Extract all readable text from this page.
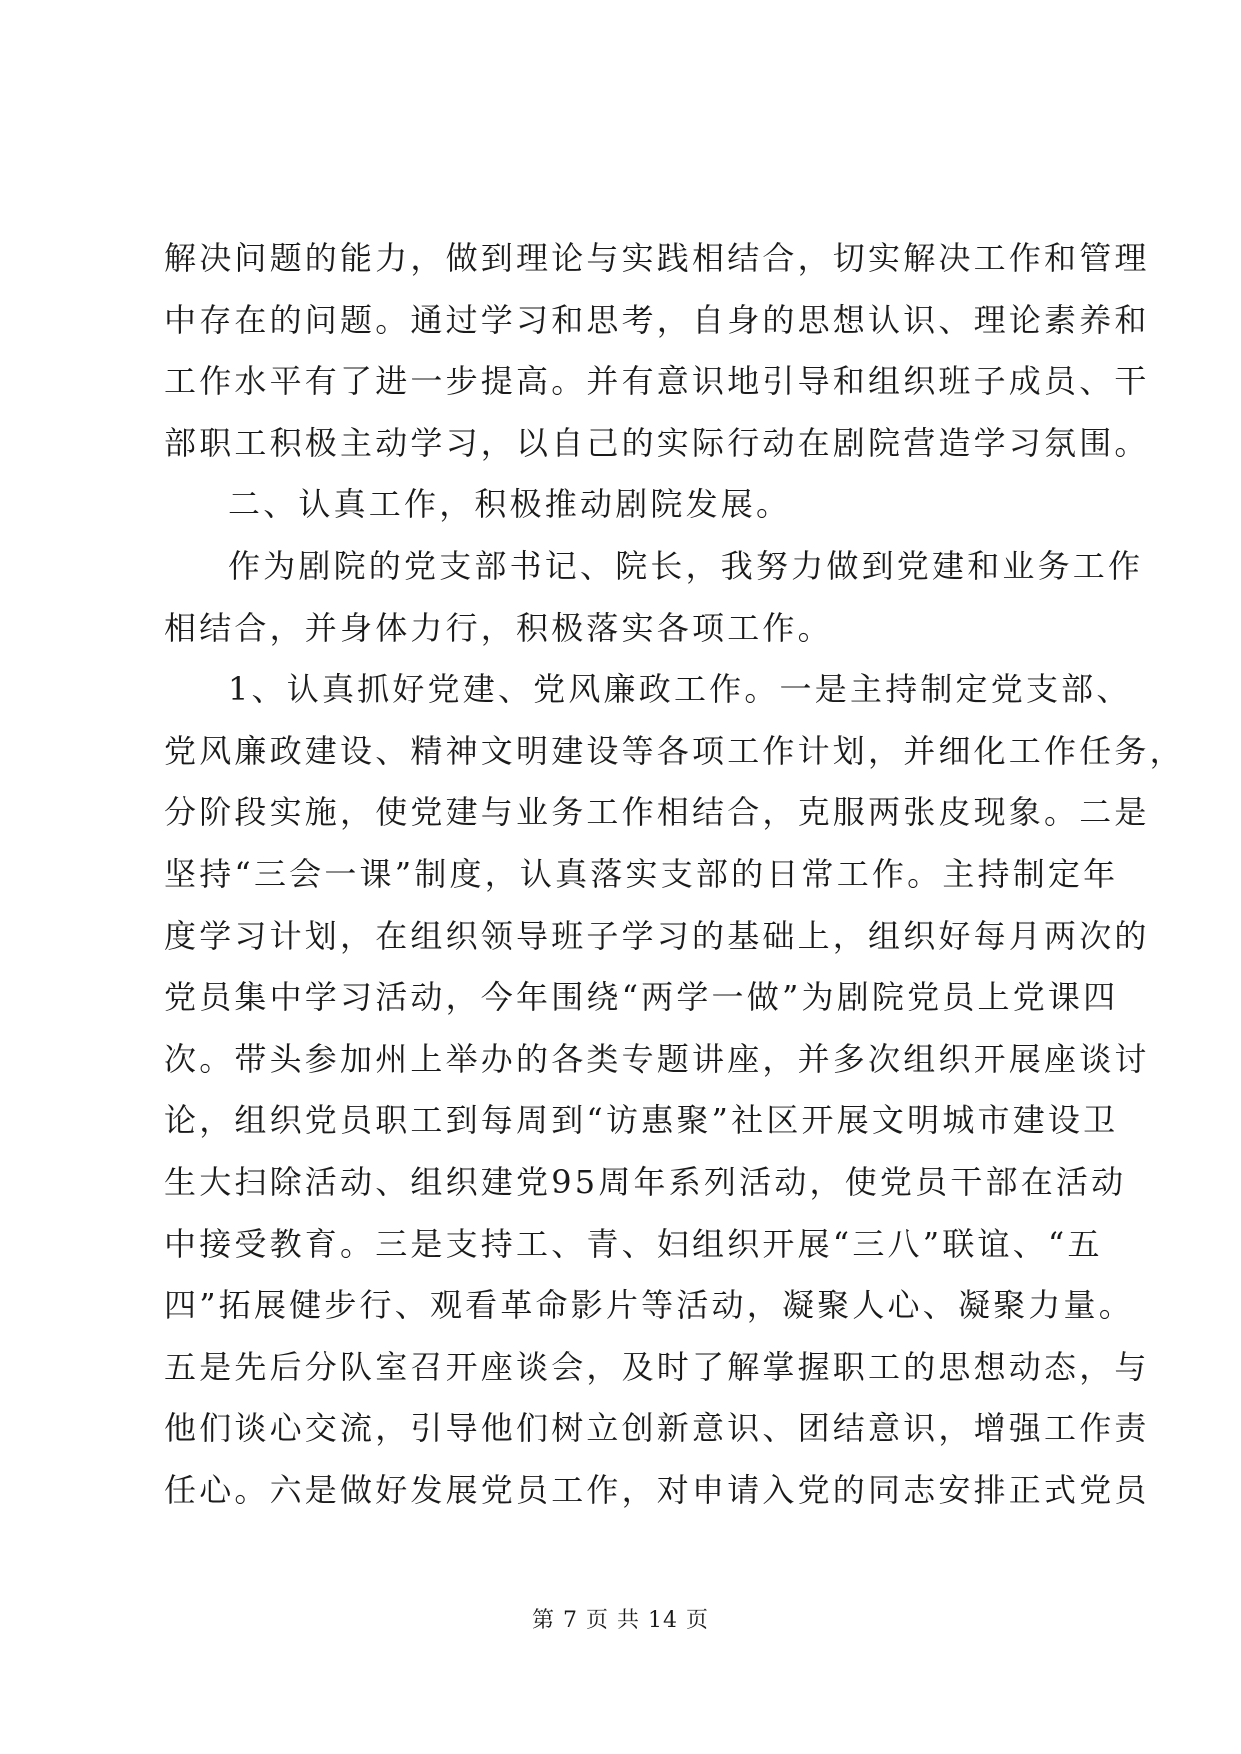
解决问题的能力，做到理论与实践相结合，切实解决工作和管理
中存在的问题。通过学习和思考，自身的思想认识、理论素养和
工作水平有了进一步提高。并有意识地引导和组织班子成员、干
部职工积极主动学习，以自己的实际行动在剧院营造学习氛围。
二、认真工作，积极推动剧院发展。
作为剧院的党支部书记、院长，我努力做到党建和业务工作
相结合，并身体力行，积极落实各项工作。
1、认真抓好党建、党风廉政工作。一是主持制定党支部、
党风廉政建设、精神文明建设等各项工作计划，并细化工作任务，
分阶段实施，使党建与业务工作相结合，克服两张皮现象。二是
坚持“三会一课”制度，认真落实支部的日常工作。主持制定年
度学习计划，在组织领导班子学习的基础上，组织好每月两次的
党员集中学习活动，今年围绕“两学一做”为剧院党员上党课四
次。带头参加州上举办的各类专题讲座，并多次组织开展座谈讨
论，组织党员职工到每周到“访惠聚”社区开展文明城市建设卫
生大扫除活动、组织建党95周年系列活动，使党员干部在活动
中接受教育。三是支持工、青、妇组织开展“三八”联谊、“五
四”拓展健步行、观看革命影片等活动，凝聚人心、凝聚力量。
五是先后分队室召开座谈会，及时了解掌握职工的思想动态，与
他们谈心交流，引导他们树立创新意识、团结意识，增强工作责
任心。六是做好发展党员工作，对申请入党的同志安排正式党员
第 7 页 共 14 页
